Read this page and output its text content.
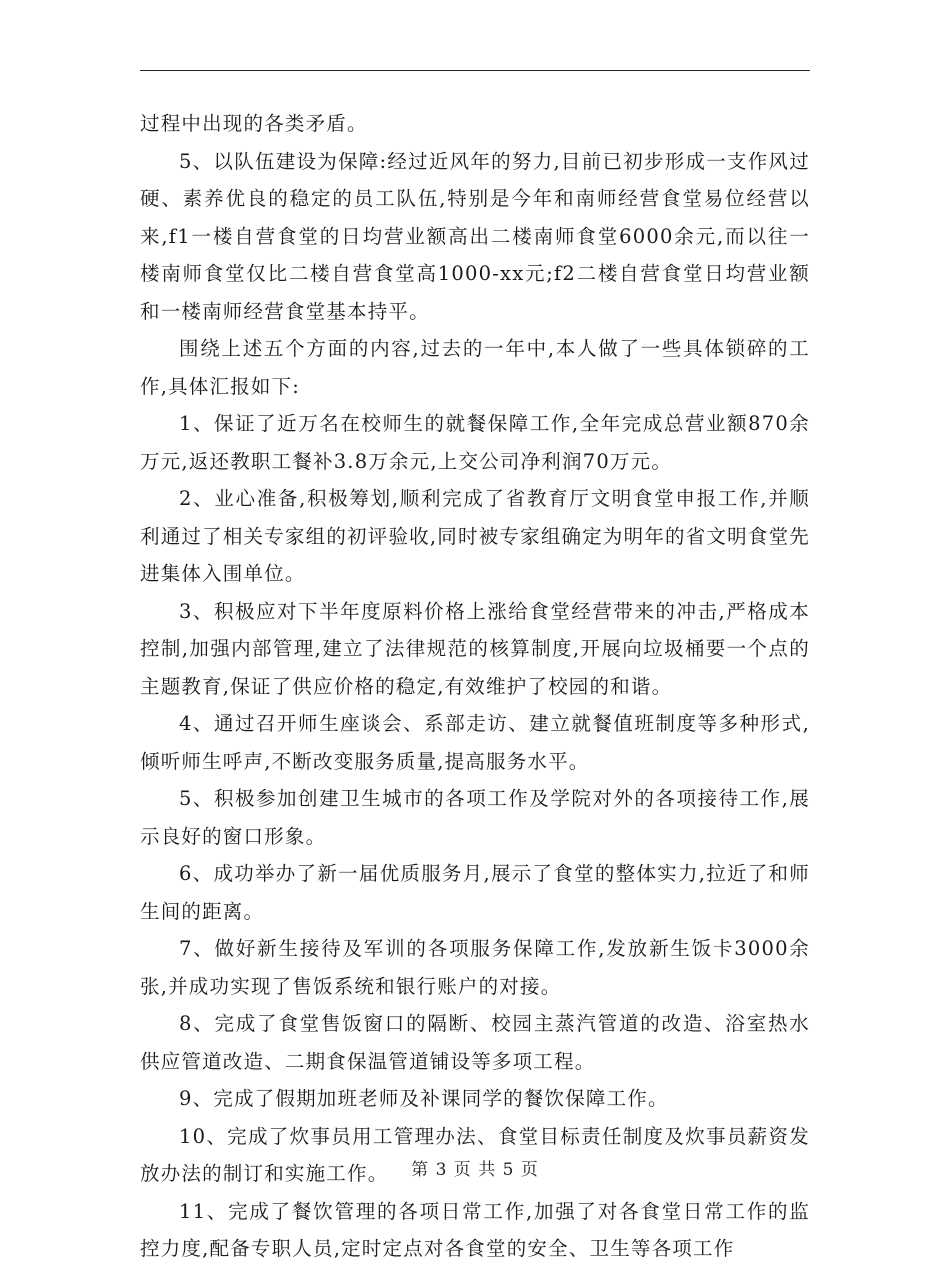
过程中出现的各类矛盾。

5、以队伍建设为保障:经过近风年的努力,目前已初步形成一支作风过硬、素养优良的稳定的员工队伍,特别是今年和南师经营食堂易位经营以来,f1一楼自营食堂的日均营业额高出二楼南师食堂6000余元,而以往一楼南师食堂仅比二楼自营食堂高1000-xx元;f2二楼自营食堂日均营业额和一楼南师经营食堂基本持平。

围绕上述五个方面的内容,过去的一年中,本人做了一些具体锁碎的工作,具体汇报如下:

1、保证了近万名在校师生的就餐保障工作,全年完成总营业额870余万元,返还教职工餐补3.8万余元,上交公司净利润70万元。

2、业心准备,积极筹划,顺利完成了省教育厅文明食堂申报工作,并顺利通过了相关专家组的初评验收,同时被专家组确定为明年的省文明食堂先进集体入围单位。

3、积极应对下半年度原料价格上涨给食堂经营带来的冲击,严格成本控制,加强内部管理,建立了法律规范的核算制度,开展向垃圾桶要一个点的主题教育,保证了供应价格的稳定,有效维护了校园的和谐。

4、通过召开师生座谈会、系部走访、建立就餐值班制度等多种形式,倾听师生呼声,不断改变服务质量,提高服务水平。

5、积极参加创建卫生城市的各项工作及学院对外的各项接待工作,展示良好的窗口形象。

6、成功举办了新一届优质服务月,展示了食堂的整体实力,拉近了和师生间的距离。

7、做好新生接待及军训的各项服务保障工作,发放新生饭卡3000余张,并成功实现了售饭系统和银行账户的对接。

8、完成了食堂售饭窗口的隔断、校园主蒸汽管道的改造、浴室热水供应管道改造、二期食保温管道铺设等多项工程。

9、完成了假期加班老师及补课同学的餐饮保障工作。

10、完成了炊事员用工管理办法、食堂目标责任制度及炊事员薪资发放办法的制订和实施工作。

11、完成了餐饮管理的各项日常工作,加强了对各食堂日常工作的监控力度,配备专职人员,定时定点对各食堂的安全、卫生等各项工作

第 3 页 共 5 页
